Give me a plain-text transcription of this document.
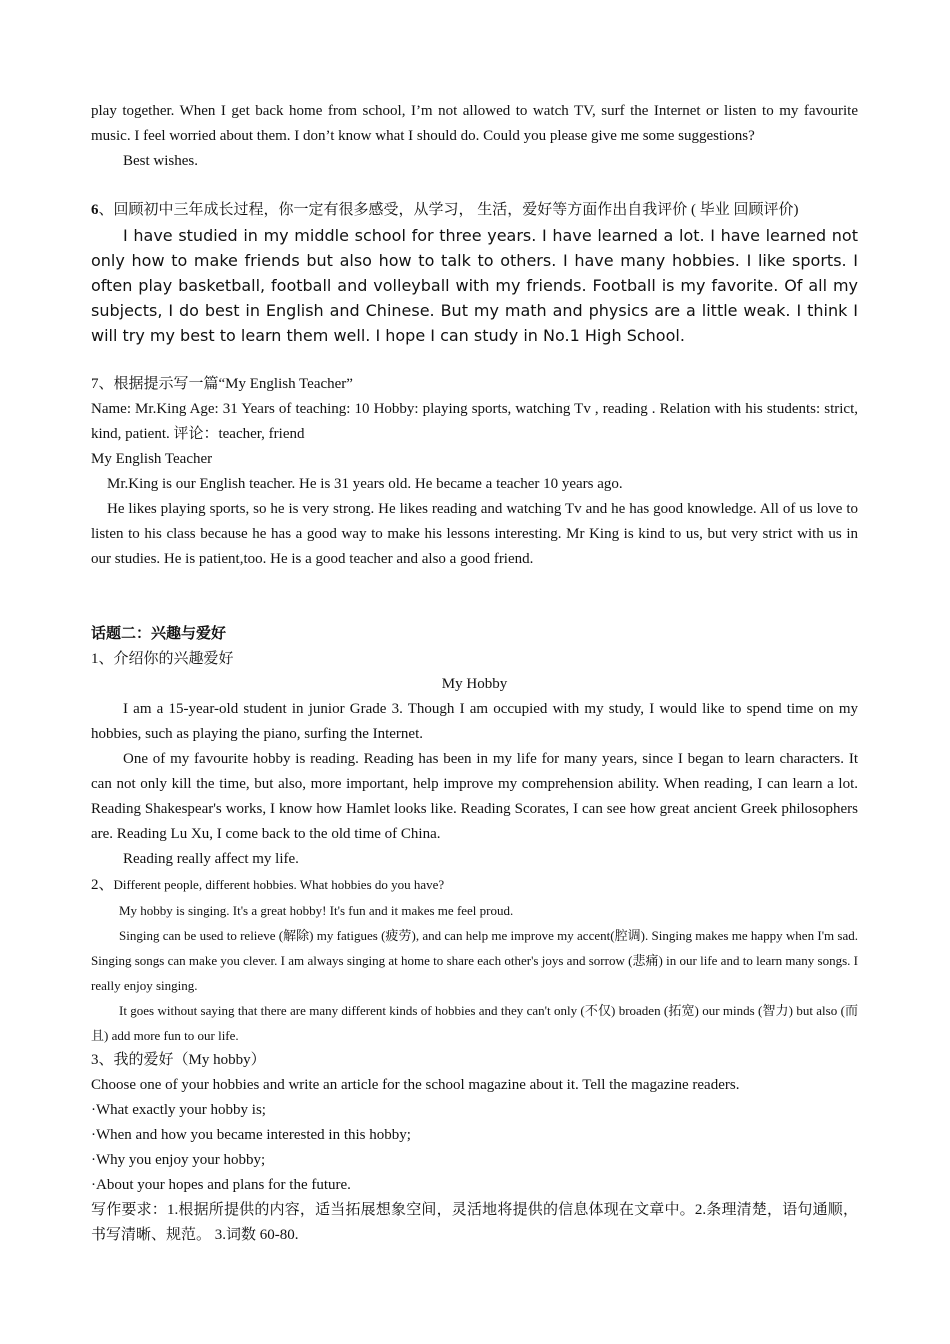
play together. When I get back home from school, I’m not allowed to watch TV, surf the Internet or listen to my favourite music. I feel worried about them. I don’t know what I should do. Could you please give me some suggestions?

Best wishes.

6、回顾初中三年成长过程，你一定有很多感受，从学习， 生活，爱好等方面作出自我评价 ( 毕业 回顾评价)

I have studied in my middle school for three years. I have learned a lot. I have learned not only how to make friends but also how to talk to others. I have many hobbies. I like sports. I often play basketball, football and volleyball with my friends. Football is my favorite. Of all my subjects, I do best in English and Chinese. But my math and physics are a little weak. I think I will try my best to learn them well. I hope I can study in No.1 High School.

7、根据提示写一篇“My English Teacher”

Name: Mr.King Age: 31 Years of teaching: 10 Hobby: playing sports, watching Tv , reading . Relation with his students: strict, kind, patient. 评论：teacher, friend

My English Teacher

Mr.King is our English teacher. He is 31 years old. He became a teacher 10 years ago.

He likes playing sports, so he is very strong. He likes reading and watching Tv and he has good knowledge. All of us love to listen to his class because he has a good way to make his lessons interesting. Mr King is kind to us, but very strict with us in our studies. He is patient,too. He is a good teacher and also a good friend.

话题二：兴趣与爱好

1、介绍你的兴趣爱好

My Hobby

I am a 15-year-old student in junior Grade 3. Though I am occupied with my study, I would like to spend time on my hobbies, such as playing the piano, surfing the Internet.

One of my favourite hobby is reading. Reading has been in my life for many years, since I began to learn characters. It can not only kill the time, but also, more important, help improve my comprehension ability. When reading, I can learn a lot. Reading Shakespear's works, I know how Hamlet looks like. Reading Scorates, I can see how great ancient Greek philosophers are. Reading Lu Xu, I come back to the old time of China.

Reading really affect my life.

2、Different people, different hobbies. What hobbies do you have?

My hobby is singing. It's a great hobby! It's fun and it makes me feel proud.

Singing can be used to relieve (解除) my fatigues (疲劳), and can help me improve my accent(腔调). Singing makes me happy when I'm sad. Singing songs can make you clever. I am always singing at home to share each other's joys and sorrow (悲痛) in our life and to learn many songs. I really enjoy singing.

It goes without saying that there are many different kinds of hobbies and they can't only (不仅) broaden (拓宽) our minds (智力) but also (而且) add more fun to our life.

3、我的爱好（My hobby）

Choose one of your hobbies and write an article for the school magazine about it. Tell the magazine readers.

·What exactly your hobby is;

·When and how you became interested in this hobby;

·Why you enjoy your hobby;

·About your hopes and plans for the future.

写作要求：1.根据所提供的内容，适当拓展想象空间，灵活地将提供的信息体现在文章中。2.条理清楚，语句通顺，书写清晰、规范。 3.词数 60-80.
